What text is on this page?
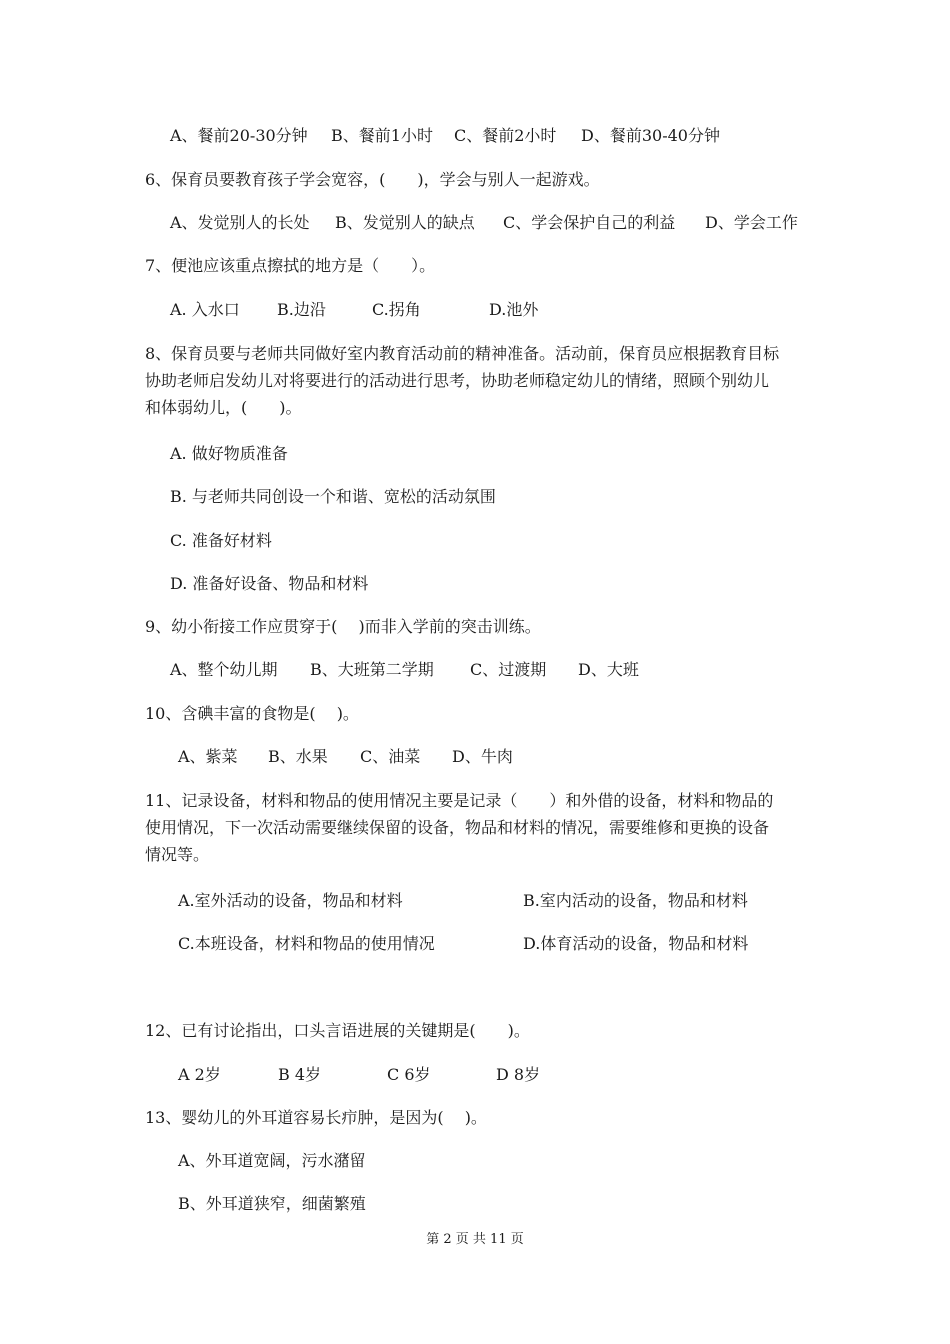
A、餐前20-30分钟 B、餐前1小时 C、餐前2小时 D、餐前30-40分钟
6、保育员要教育孩子学会宽容，(　　)，学会与别人一起游戏。
A、发觉别人的长处 B、发觉别人的缺点 C、学会保护自己的利益 D、学会工作
7、便池应该重点擦拭的地方是（　　）。
A. 入水口 B.边沿	C.拐角	D.池外
8、保育员要与老师共同做好室内教育活动前的精神准备。活动前，保育员应根据教育目标
协助老师启发幼儿对将要进行的活动进行思考，协助老师稳定幼儿的情绪，照顾个别幼儿
和体弱幼儿，(　　)。
A. 做好物质准备
B. 与老师共同创设一个和谐、宽松的活动氛围
C. 准备好材料
D. 准备好设备、物品和材料
9、幼小衔接工作应贯穿于(　 )而非入学前的突击训练。
A、整个幼儿期 B、大班第二学期 C、过渡期 D、大班
10、含碘丰富的食物是(　 )。
A、紫菜 B、水果 C、油菜 D、牛肉
11、记录设备，材料和物品的使用情况主要是记录（　　）和外借的设备，材料和物品的
使用情况，下一次活动需要继续保留的设备，物品和材料的情况，需要维修和更换的设备
情况等。
A.室外活动的设备，物品和材料	B.室内活动的设备，物品和材料
C.本班设备，材料和物品的使用情况	D.体育活动的设备，物品和材料
12、已有讨论指出，口头言语进展的关键期是(　　)。
A 2岁	B 4岁	C 6岁	D 8岁
13、婴幼儿的外耳道容易长疖肿，是因为(　 )。
A、外耳道宽阔，污水潴留
B、外耳道狭窄，细菌繁殖
第 2 页 共 11 页
